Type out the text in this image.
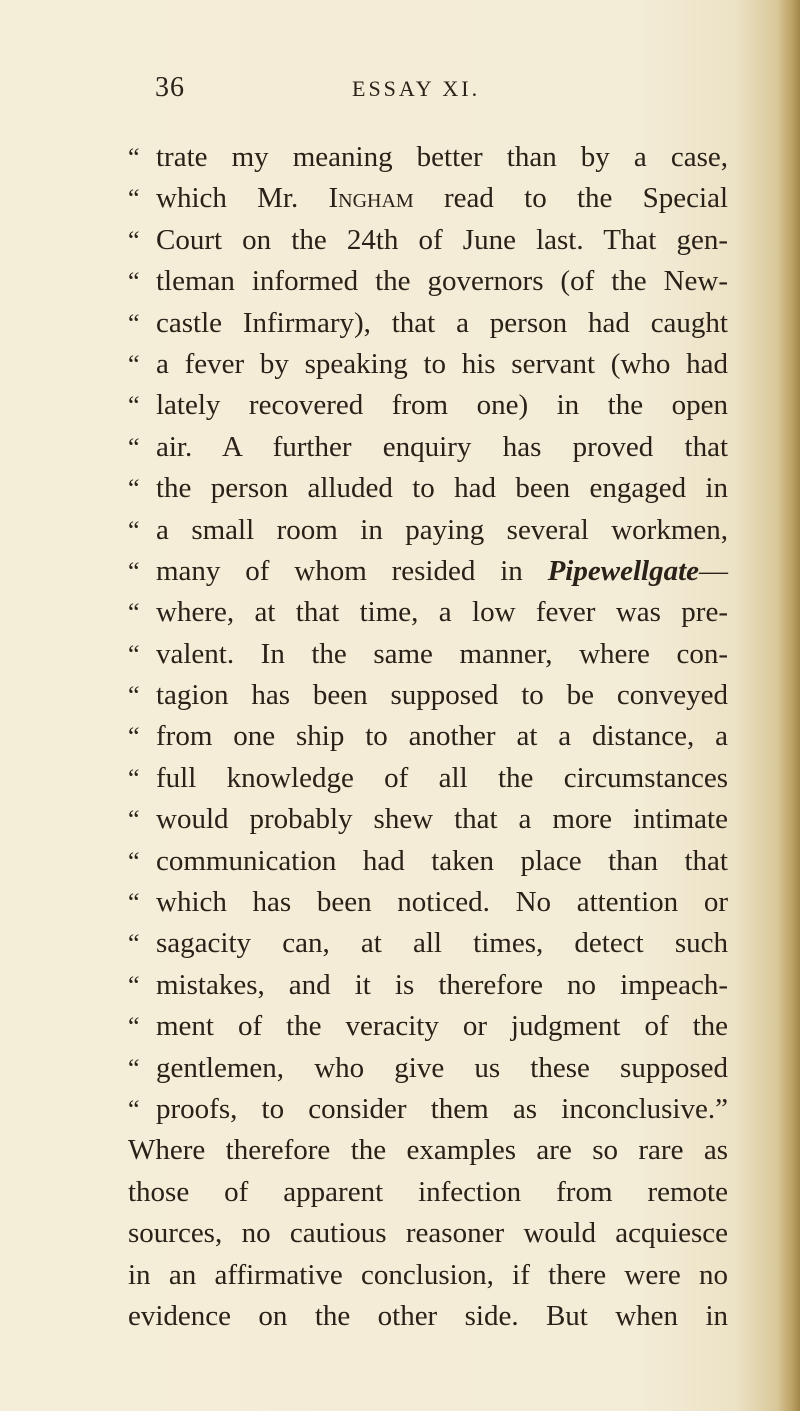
36	ESSAY XI.
“ trate my meaning better than by a case,
“ which Mr. Ingham read to the Special
“ Court on the 24th of June last. That gen-
“ tleman informed the governors (of the New-
“ castle Infirmary), that a person had caught
“ a fever by speaking to his servant (who had
“ lately recovered from one) in the open
“ air. A further enquiry has proved that
“ the person alluded to had been engaged in
“ a small room in paying several workmen,
“ many of whom resided in Pipewellgate—
“ where, at that time, a low fever was pre-
“ valent. In the same manner, where con-
“ tagion has been supposed to be conveyed
“ from one ship to another at a distance, a
“ full knowledge of all the circumstances
“ would probably shew that a more intimate
“ communication had taken place than that
“ which has been noticed. No attention or
“ sagacity can, at all times, detect such
“ mistakes, and it is therefore no impeach-
“ ment of the veracity or judgment of the
“ gentlemen, who give us these supposed
“ proofs, to consider them as inconclusive.”
Where therefore the examples are so rare as
those of apparent infection from remote
sources, no cautious reasoner would acquiesce
in an affirmative conclusion, if there were no
evidence on the other side. But when in
